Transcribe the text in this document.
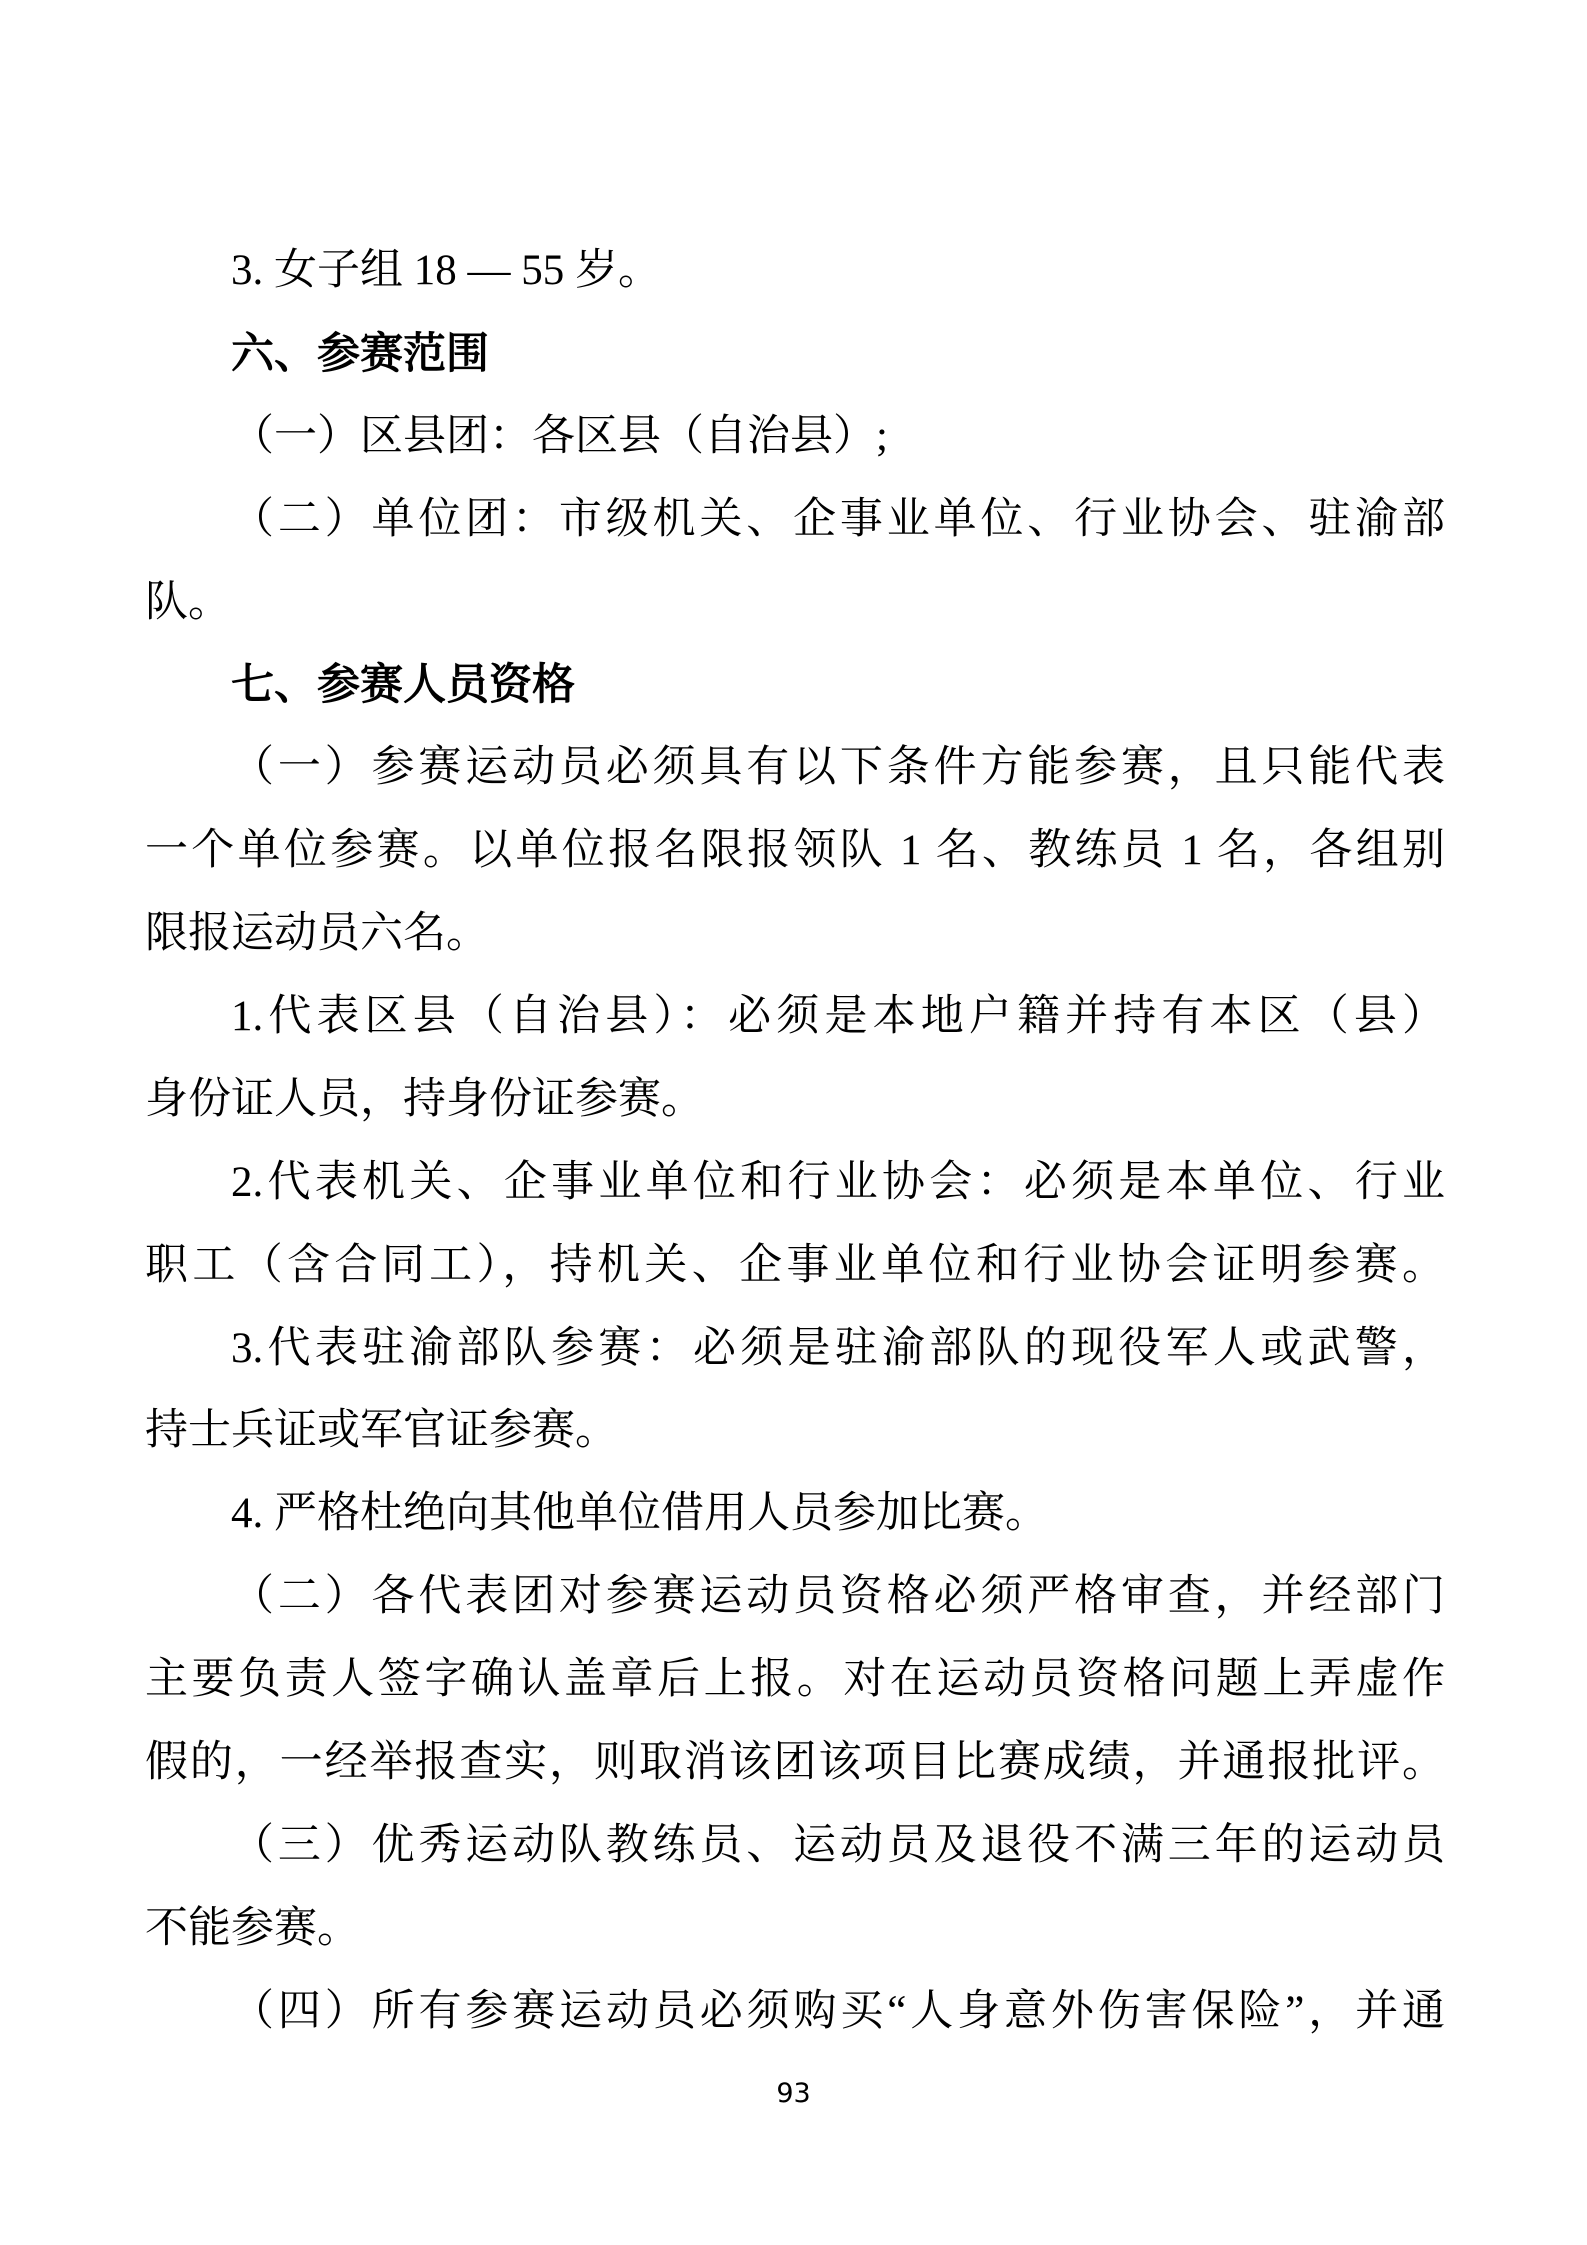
3. 女子组 18 — 55 岁。
六、参赛范围
（一）区县团：各区县（自治县）;
（二）单位团：市级机关、企事业单位、行业协会、驻渝部
队。
七、参赛人员资格
（一）参赛运动员必须具有以下条件方能参赛，且只能代表
一个单位参赛。以单位报名限报领队 1 名、教练员 1 名，各组别
限报运动员六名。
1.代表区县（自治县）：必须是本地户籍并持有本区（县）
身份证人员，持身份证参赛。
2.代表机关、企事业单位和行业协会：必须是本单位、行业
职工（含合同工），持机关、企事业单位和行业协会证明参赛。
3.代表驻渝部队参赛：必须是驻渝部队的现役军人或武警，
持士兵证或军官证参赛。
4. 严格杜绝向其他单位借用人员参加比赛。
（二）各代表团对参赛运动员资格必须严格审查，并经部门
主要负责人签字确认盖章后上报。对在运动员资格问题上弄虚作
假的，一经举报查实，则取消该团该项目比赛成绩，并通报批评。
（三）优秀运动队教练员、运动员及退役不满三年的运动员
不能参赛。
（四）所有参赛运动员必须购买“人身意外伤害保险”，并通
93
